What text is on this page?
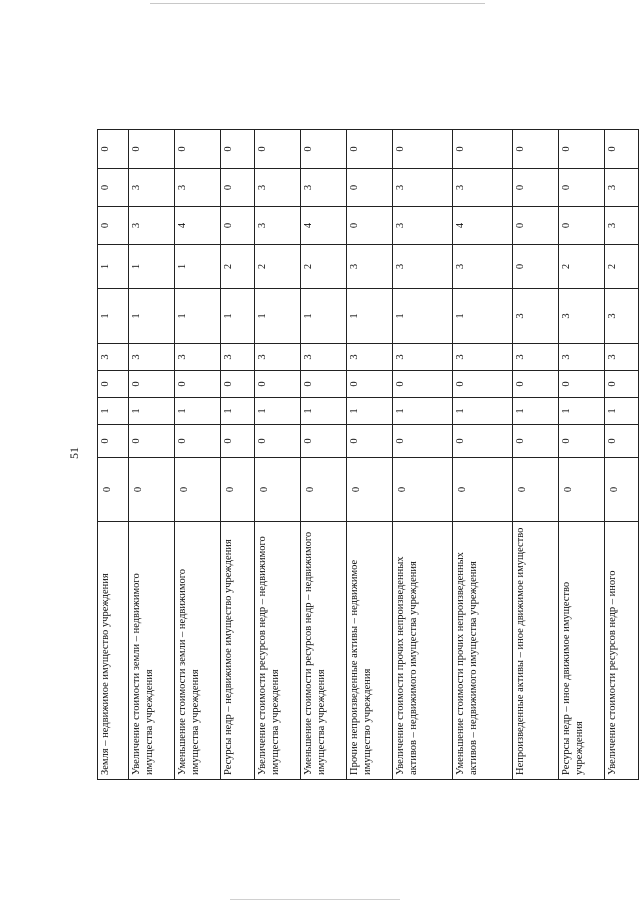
51
Земля – недвижимое имущество учреждения	0	0	1	0	3	1	1	0	0	0
Увеличение стоимости земли – недвижимого имущества учреждения	0	0	1	0	3	1	1	3	3	0
Уменьшение стоимости земли – недвижимого имущества учреждения	0	0	1	0	3	1	1	4	3	0
Ресурсы недр – недвижимое имущество учреждения	0	0	1	0	3	1	2	0	0	0
Увеличение стоимости ресурсов недр – недвижимого имущества учреждения	0	0	1	0	3	1	2	3	3	0
Уменьшение стоимости ресурсов недр – недвижимого имущества учреждения	0	0	1	0	3	1	2	4	3	0
Прочие непроизведенные активы – недвижимое имущество учреждения	0	0	1	0	3	1	3	0	0	0
Увеличение стоимости прочих непроизведенных активов – недвижимого имущества учреждения	0	0	1	0	3	1	3	3	3	0
Уменьшение стоимости прочих непроизведенных активов – недвижимого имущества учреждения	0	0	1	0	3	1	3	4	3	0
Непроизведенные активы – иное движимое имущество	0	0	1	0	3	3	0	0	0	0
Ресурсы недр – иное движимое имущество учреждения	0	0	1	0	3	3	2	0	0	0
Увеличение стоимости ресурсов недр – иного	0	0	1	0	3	3	2	3	3	0
